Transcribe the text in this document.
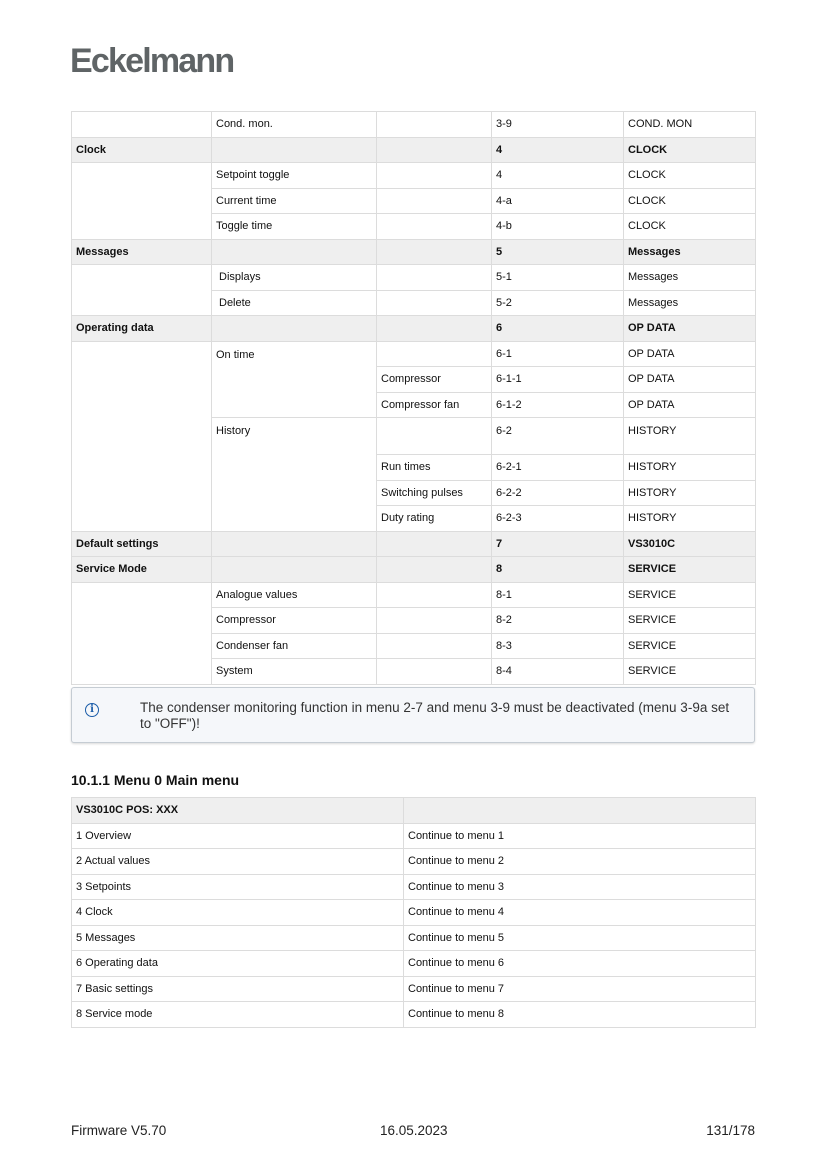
Eckelmann
	Cond. mon.		3-9	COND. MON
Clock			4	CLOCK
	Setpoint toggle		4	CLOCK
	Current time		4-a	CLOCK
	Toggle time		4-b	CLOCK
Messages			5	Messages
	Displays		5-1	Messages
	Delete		5-2	Messages
Operating data			6	OP DATA
	On time		6-1	OP DATA
		Compressor	6-1-1	OP DATA
		Compressor fan	6-1-2	OP DATA
	History		6-2	HISTORY
		Run times	6-2-1	HISTORY
		Switching pulses	6-2-2	HISTORY
		Duty rating	6-2-3	HISTORY
Default settings			7	VS3010C
Service Mode			8	SERVICE
	Analogue values		8-1	SERVICE
	Compressor		8-2	SERVICE
	Condenser fan		8-3	SERVICE
	System		8-4	SERVICE
i	The condenser monitoring function in menu 2-7 and menu 3-9 must be deactivated (menu 3-9a set to "OFF")!
10.1.1 Menu 0 Main menu
VS3010C POS: XXX	
1 Overview	Continue to menu 1
2 Actual values	Continue to menu 2
3 Setpoints	Continue to menu 3
4 Clock	Continue to menu 4
5 Messages	Continue to menu 5
6 Operating data	Continue to menu 6
7 Basic settings	Continue to menu 7
8 Service mode	Continue to menu 8
Firmware V5.70	16.05.2023	131/178
